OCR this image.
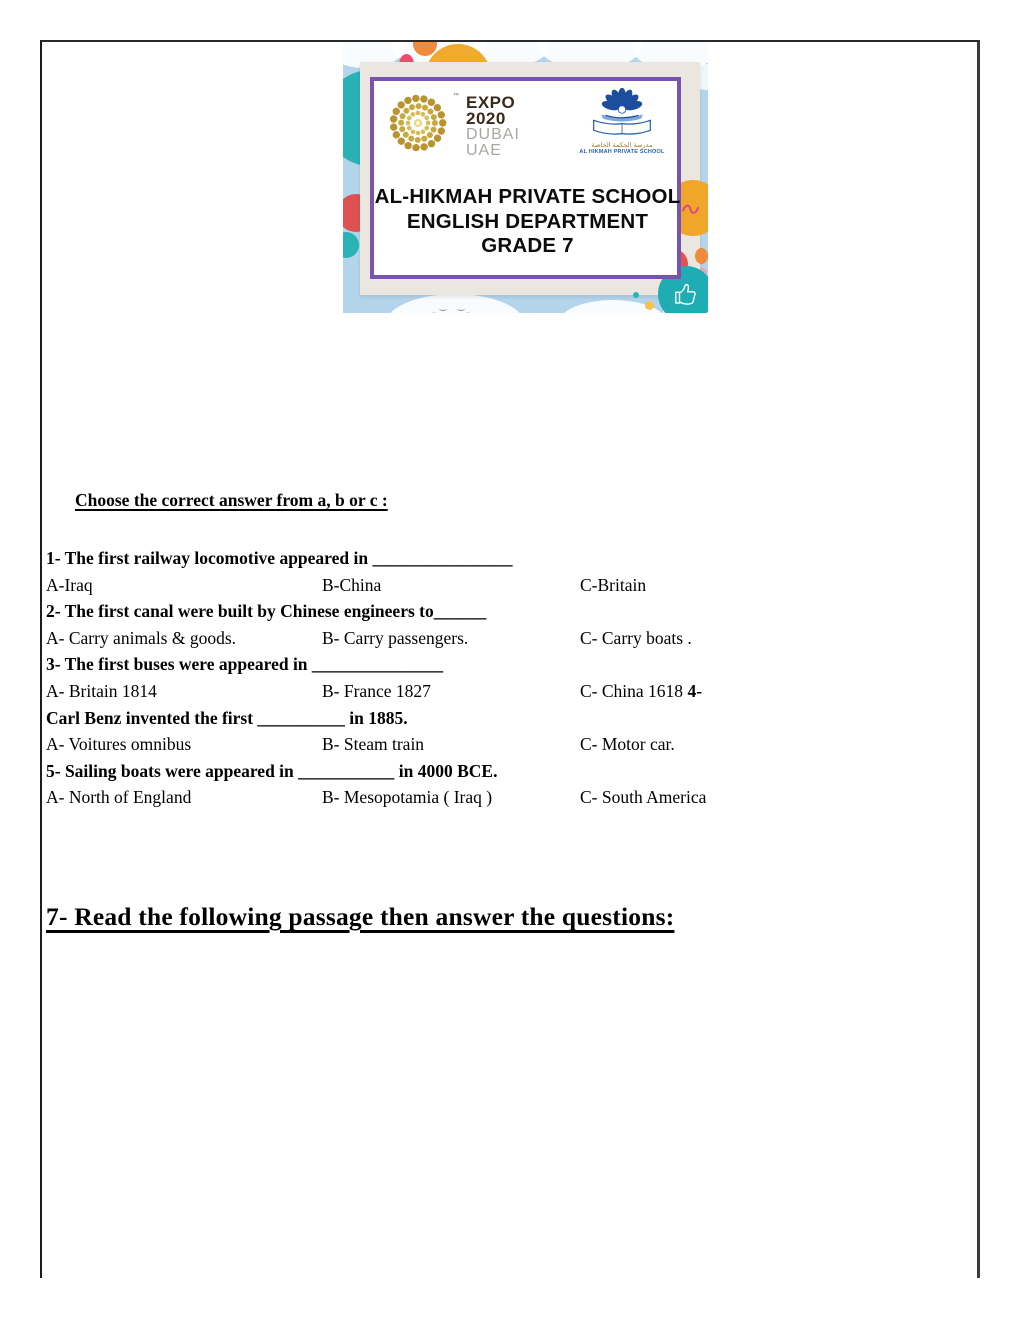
™ EXPO
2020
DUBAI
UAE	مدرسة الحكمة الخاصة
AL HIKMAH PRIVATE SCHOOL
AL-HIKMAH PRIVATE SCHOOL
ENGLISH DEPARTMENT
GRADE 7
Choose the correct answer from a, b or c :
1- The first railway locomotive appeared in ________________
A-Iraq	B-China	C-Britain
2- The first canal were built by Chinese engineers to______
A- Carry animals & goods.	B- Carry passengers.	C- Carry boats .
3- The first buses were appeared in _______________
A- Britain 1814	B- France 1827	C- China 1618 4-
Carl Benz invented the first __________ in 1885.
A- Voitures omnibus	B- Steam train	C- Motor car.
5- Sailing boats were appeared in ___________ in 4000 BCE.
A- North of England	B- Mesopotamia ( Iraq )	C- South America
7- Read the following passage then answer the questions:
